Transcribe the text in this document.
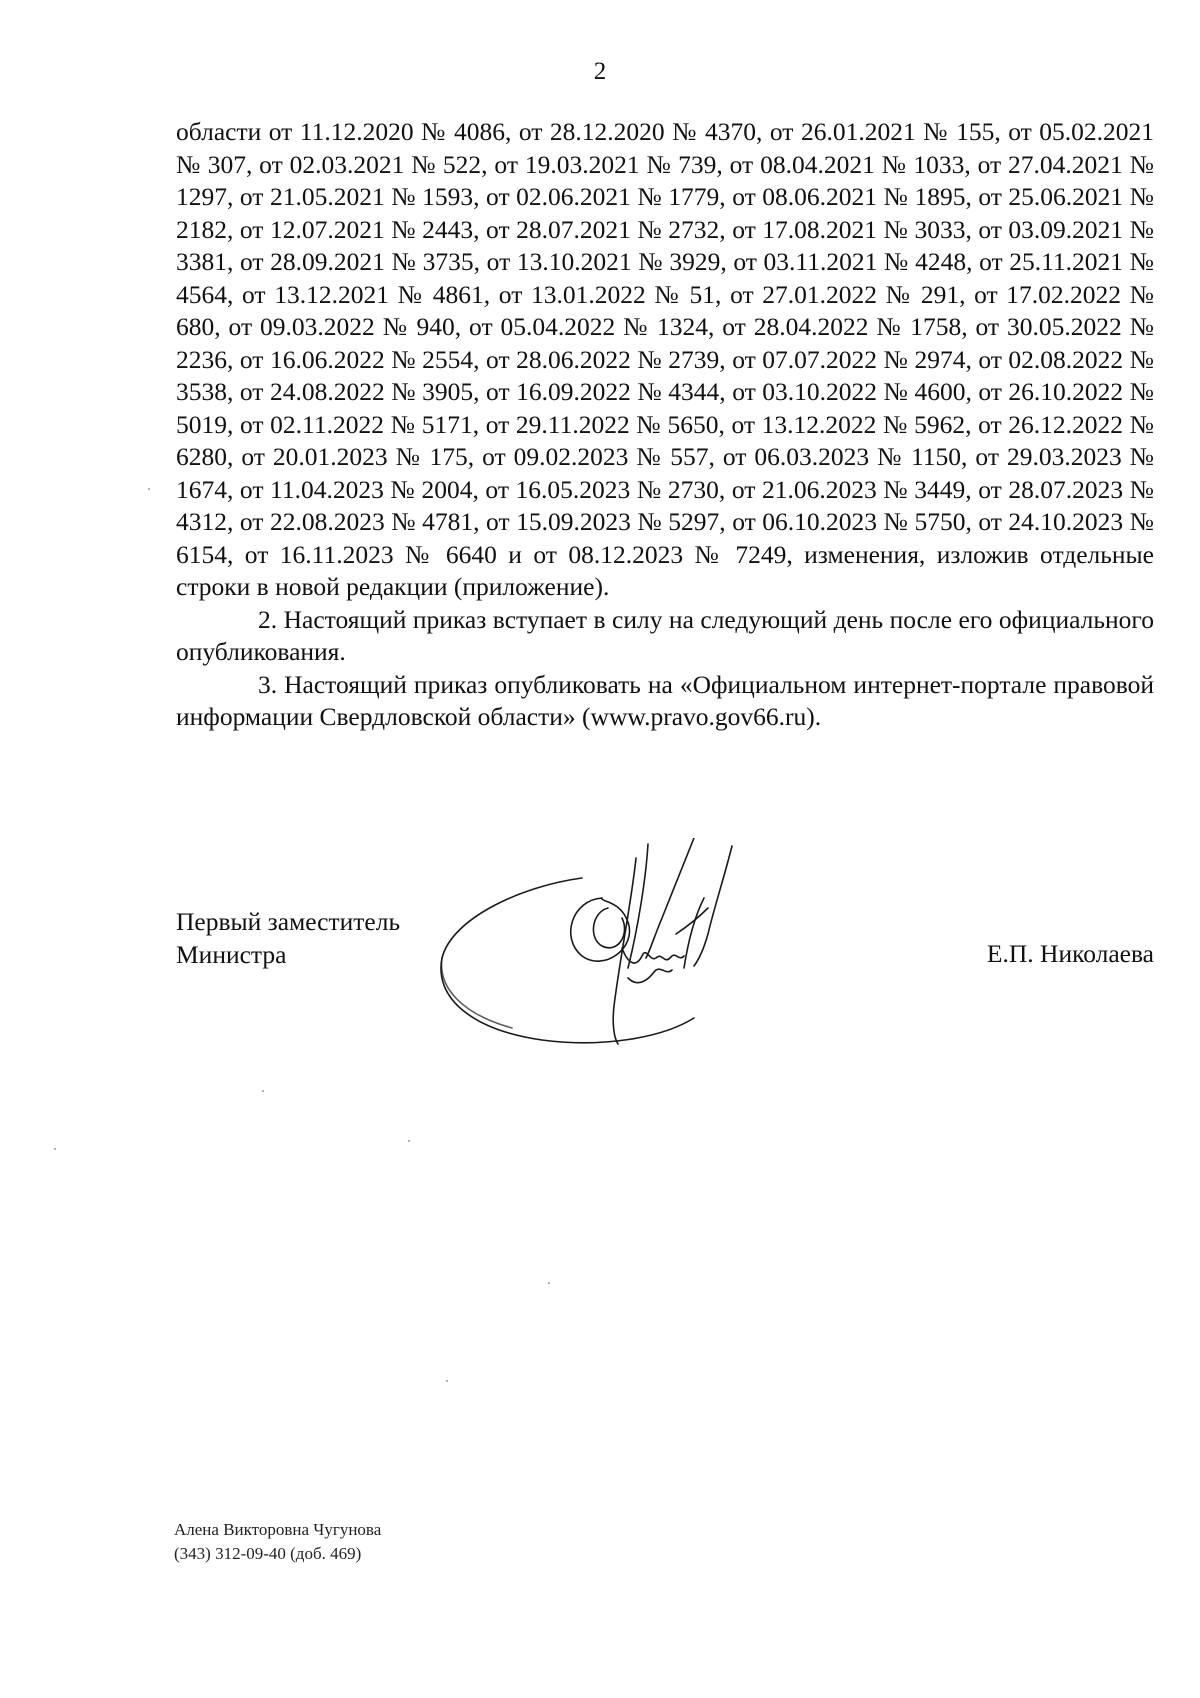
2

области от 11.12.2020 № 4086, от 28.12.2020 № 4370, от 26.01.2021 № 155, от 05.02.2021 № 307, от 02.03.2021 № 522, от 19.03.2021 № 739, от 08.04.2021 № 1033, от 27.04.2021 № 1297, от 21.05.2021 № 1593, от 02.06.2021 № 1779, от 08.06.2021 № 1895, от 25.06.2021 № 2182, от 12.07.2021 № 2443, от 28.07.2021 № 2732, от 17.08.2021 № 3033, от 03.09.2021 № 3381, от 28.09.2021 № 3735, от 13.10.2021 № 3929, от 03.11.2021 № 4248, от 25.11.2021 № 4564, от 13.12.2021 № 4861, от 13.01.2022 № 51, от 27.01.2022 № 291, от 17.02.2022 № 680, от 09.03.2022 № 940, от 05.04.2022 № 1324, от 28.04.2022 № 1758, от 30.05.2022 № 2236, от 16.06.2022 № 2554, от 28.06.2022 № 2739, от 07.07.2022 № 2974, от 02.08.2022 № 3538, от 24.08.2022 № 3905, от 16.09.2022 № 4344, от 03.10.2022 № 4600, от 26.10.2022 № 5019, от 02.11.2022 № 5171, от 29.11.2022 № 5650, от 13.12.2022 № 5962, от 26.12.2022 № 6280, от 20.01.2023 № 175, от 09.02.2023 № 557, от 06.03.2023 № 1150, от 29.03.2023 № 1674, от 11.04.2023 № 2004, от 16.05.2023 № 2730, от 21.06.2023 № 3449, от 28.07.2023 № 4312, от 22.08.2023 № 4781, от 15.09.2023 № 5297, от 06.10.2023 № 5750, от 24.10.2023 № 6154, от 16.11.2023 № 6640 и от 08.12.2023 № 7249, изменения, изложив отдельные строки в новой редакции (приложение).

2. Настоящий приказ вступает в силу на следующий день после его официального опубликования.

3. Настоящий приказ опубликовать на «Официальном интернет-портале правовой информации Свердловской области» (www.pravo.gov66.ru).

Первый заместитель
Министра	Е.П. Николаева
Алена Викторовна Чугунова
(343) 312-09-40 (доб. 469)
